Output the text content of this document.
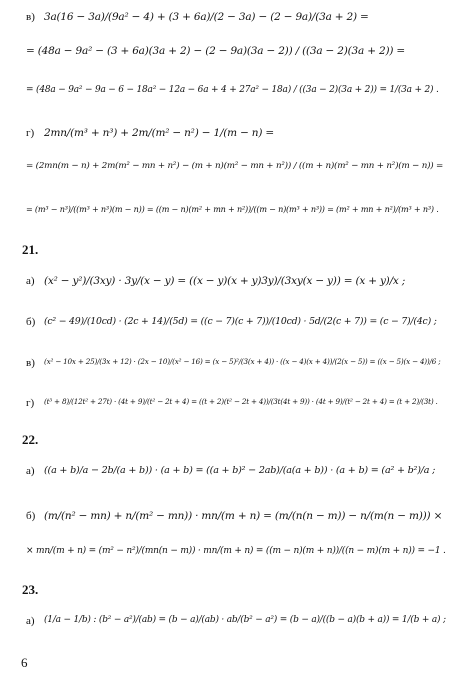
в) 3a(16 − 3a)/(9a² − 4) + (3 + 6a)/(2 − 3a) − (2 − 9a)/(3a + 2) =
= (48a − 9a² − (3 + 6a)(3a + 2) − (2 − 9a)(3a − 2)) / ((3a − 2)(3a + 2)) =
= (48a − 9a² − 9a − 6 − 18a² − 12a − 6a + 4 + 27a² − 18a) / ((3a − 2)(3a + 2)) = 1/(3a + 2) .
г) 2mn/(m³ + n³) + 2m/(m² − n²) − 1/(m − n) =
= (2mn(m − n) + 2m(m² − mn + n²) − (m + n)(m² − mn + n²)) / ((m + n)(m² − mn + n²)(m − n)) =
= (m³ − n³)/((m³ + n³)(m − n)) = ((m − n)(m² + mn + n²))/((m − n)(m³ + n³)) = (m² + mn + n²)/(m³ + n³) .
21.
а) (x² − y²)/(3xy) · 3y/(x − y) = ((x − y)(x + y)3y)/(3xy(x − y)) = (x + y)/x ;
б) (c² − 49)/(10cd) · (2c + 14)/(5d) = ((c − 7)(c + 7))/(10cd) · 5d/(2(c + 7)) = (c − 7)/(4c) ;
в) (x² − 10x + 25)/(3x + 12) · (2x − 10)/(x² − 16) = (x − 5)²/(3(x + 4)) · ((x − 4)(x + 4))/(2(x − 5)) = ((x − 5)(x − 4))/6 ;
г) (t³ + 8)/(12t² + 27t) · (4t + 9)/(t² − 2t + 4) = ((t + 2)(t² − 2t + 4))/(3t(4t + 9)) · (4t + 9)/(t² − 2t + 4) = (t + 2)/(3t) .
22.
а) ((a + b)/a − 2b/(a + b)) · (a + b) = ((a + b)² − 2ab)/(a(a + b)) · (a + b) = (a² + b²)/a ;
б) (m/(n² − mn) + n/(m² − mn)) · mn/(m + n) = (m/(n(n − m)) − n/(m(n − m))) ×
× mn/(m + n) = (m² − n²)/(mn(n − m)) · mn/(m + n) = ((m − n)(m + n))/((n − m)(m + n)) = −1 .
23.
а) (1/a − 1/b) : (b² − a²)/(ab) = (b − a)/(ab) · ab/(b² − a²) = (b − a)/((b − a)(b + a)) = 1/(b + a) ;
6
